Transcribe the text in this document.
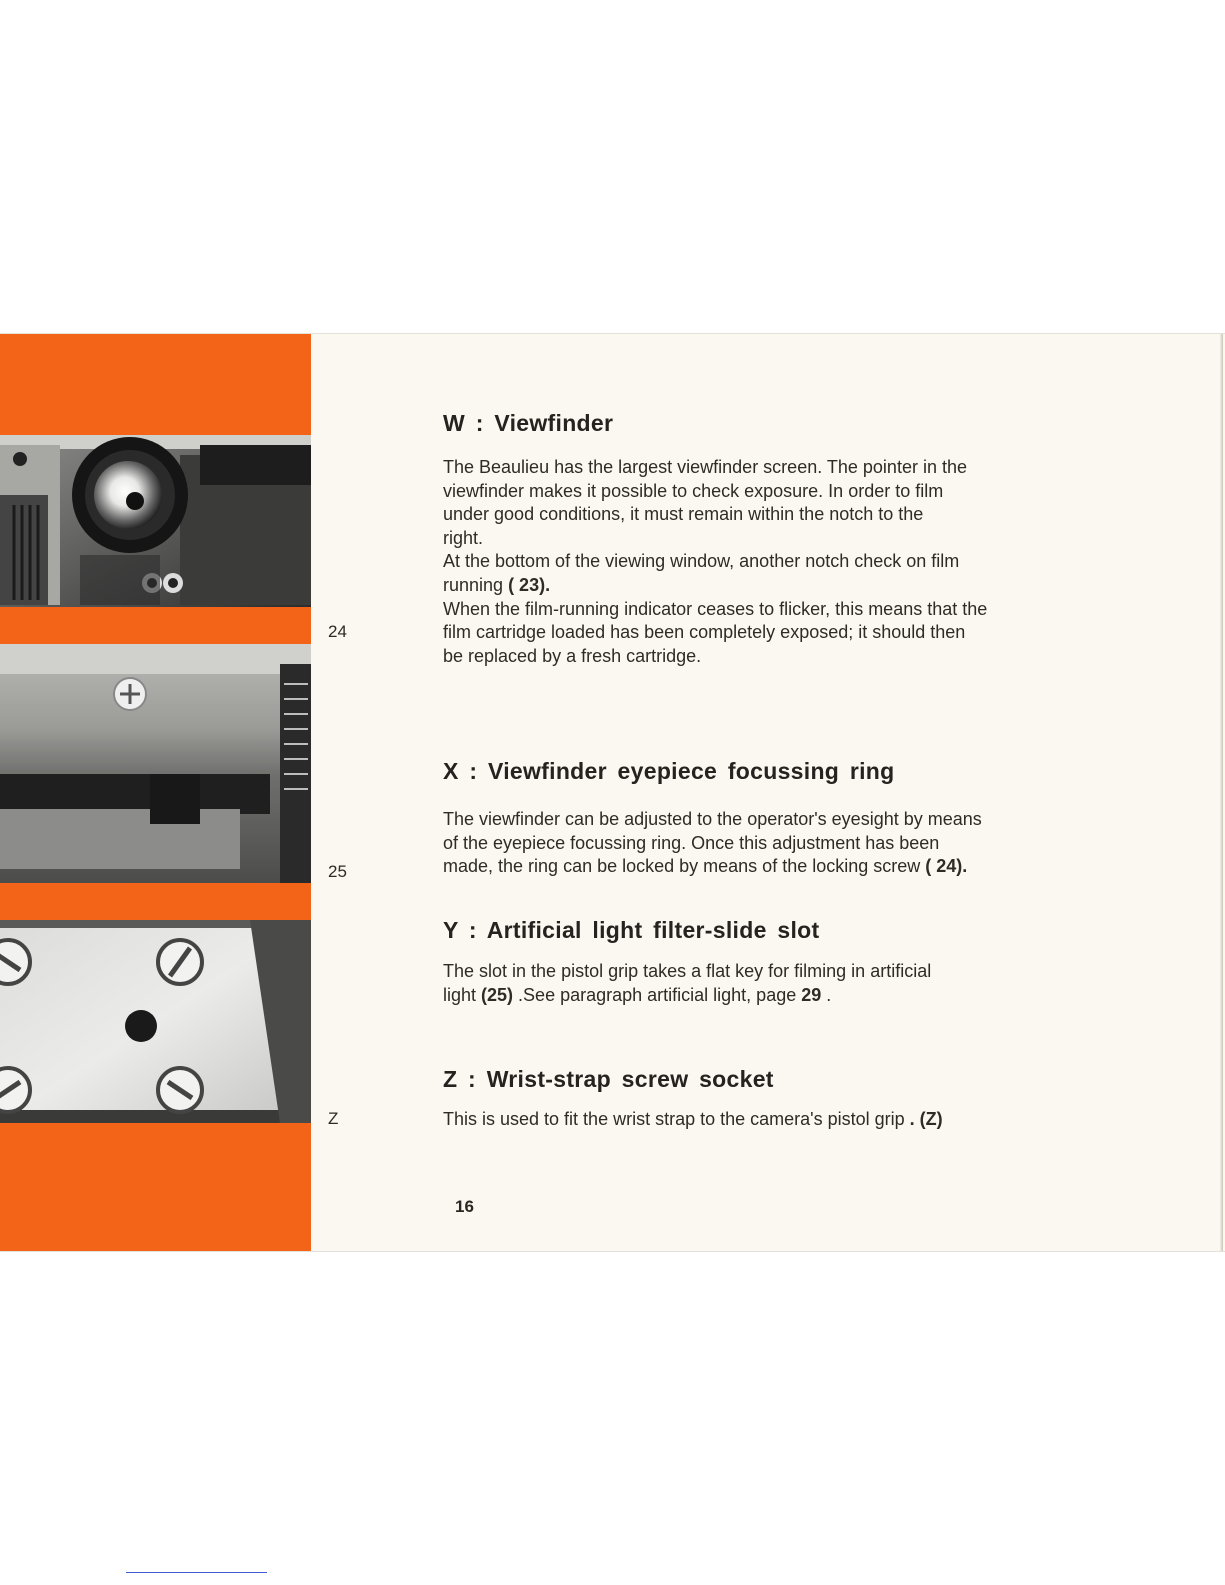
24
25
Z
W : Viewfinder

The Beaulieu has the largest viewfinder screen. The pointer in the
viewfinder makes it possible to check exposure. In order to film
under good conditions, it must remain within the notch to the
right.
At the bottom of the viewing window, another notch check on film
running ( 23).
When the film-running indicator ceases to flicker, this means that the
film cartridge loaded has been completely exposed; it should then
be replaced by a fresh cartridge.

X : Viewfinder eyepiece focussing ring

The viewfinder can be adjusted to the operator's eyesight by means
of the eyepiece focussing ring. Once this adjustment has been
made, the ring can be locked by means of the locking screw ( 24).

Y : Artificial light filter-slide slot

The slot in the pistol grip takes a flat key for filming in artificial
light (25) .See paragraph artificial light, page 29 .

Z : Wrist-strap screw socket

This is used to fit the wrist strap to the camera's pistol grip . (Z)

16
